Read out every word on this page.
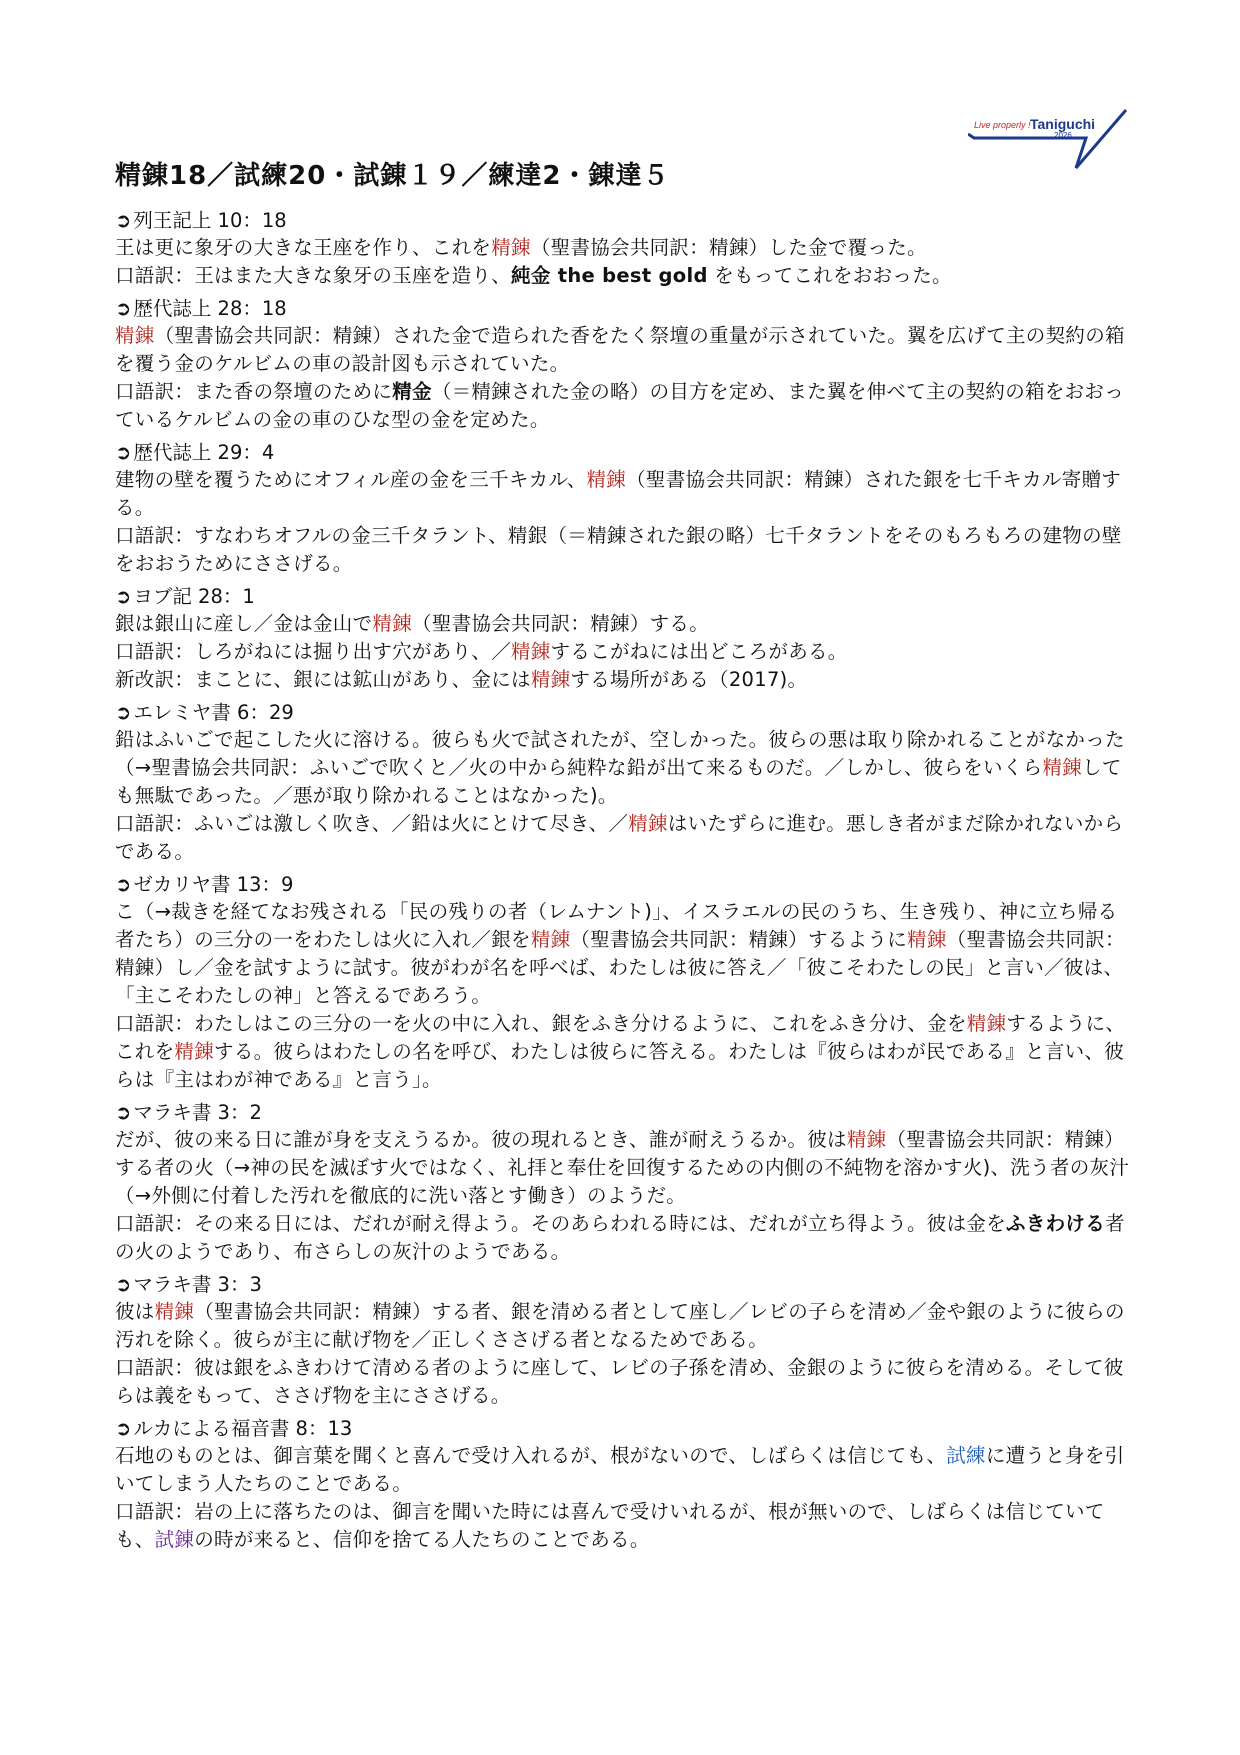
Live properly ! Taniguchi
2026
精錬18／試練20・試錬１９／練達2・錬達５

➲ 列王記上 10：18

王は更に象牙の大きな王座を作り、これを精錬（聖書協会共同訳：精錬）した金で覆った。

口語訳：王はまた大きな象牙の玉座を造り、純金 the best gold をもってこれをおおった。

➲ 歴代誌上 28：18

精錬（聖書協会共同訳：精錬）された金で造られた香をたく祭壇の重量が示されていた。翼を広げて主の契約の箱を覆う金のケルビムの車の設計図も示されていた。

口語訳：また香の祭壇のために精金（＝精錬された金の略）の目方を定め、また翼を伸べて主の契約の箱をおおっているケルビムの金の車のひな型の金を定めた。

➲ 歴代誌上 29：4

建物の壁を覆うためにオフィル産の金を三千キカル、精錬（聖書協会共同訳：精錬）された銀を七千キカル寄贈する。

口語訳：すなわちオフルの金三千タラント、精銀（＝精錬された銀の略）七千タラントをそのもろもろの建物の壁をおおうためにささげる。

➲ ヨブ記 28：1

銀は銀山に産し／金は金山で精錬（聖書協会共同訳：精錬）する。

口語訳：しろがねには掘り出す穴があり、／精錬するこがねには出どころがある。

新改訳：まことに、銀には鉱山があり、金には精錬する場所がある（2017)。

➲ エレミヤ書 6：29

鉛はふいごで起こした火に溶ける。彼らも火で試されたが、空しかった。彼らの悪は取り除かれることがなかった（→聖書協会共同訳：ふいごで吹くと／火の中から純粋な鉛が出て来るものだ。／しかし、彼らをいくら精錬しても無駄であった。／悪が取り除かれることはなかった)。

口語訳：ふいごは激しく吹き、／鉛は火にとけて尽き、／精錬はいたずらに進む。悪しき者がまだ除かれないからである。

➲ ゼカリヤ書 13：9

こ（→裁きを経てなお残される「民の残りの者（レムナント)」、イスラエルの民のうち、生き残り、神に立ち帰る者たち）の三分の一をわたしは火に入れ／銀を精錬（聖書協会共同訳：精錬）するように精錬（聖書協会共同訳：精錬）し／金を試すように試す。彼がわが名を呼べば、わたしは彼に答え／「彼こそわたしの民」と言い／彼は、「主こそわたしの神」と答えるであろう。

口語訳：わたしはこの三分の一を火の中に入れ、銀をふき分けるように、これをふき分け、金を精錬するように、これを精錬する。彼らはわたしの名を呼び、わたしは彼らに答える。わたしは『彼らはわが民である』と言い、彼らは『主はわが神である』と言う」。

➲ マラキ書 3：2

だが、彼の来る日に誰が身を支えうるか。彼の現れるとき、誰が耐えうるか。彼は精錬（聖書協会共同訳：精錬）する者の火（→神の民を滅ぼす火ではなく、礼拝と奉仕を回復するための内側の不純物を溶かす火)、洗う者の灰汁（→外側に付着した汚れを徹底的に洗い落とす働き）のようだ。

口語訳：その来る日には、だれが耐え得よう。そのあらわれる時には、だれが立ち得よう。彼は金をふきわける者の火のようであり、布さらしの灰汁のようである。

➲ マラキ書 3：3

彼は精錬（聖書協会共同訳：精錬）する者、銀を清める者として座し／レビの子らを清め／金や銀のように彼らの汚れを除く。彼らが主に献げ物を／正しくささげる者となるためである。

口語訳：彼は銀をふきわけて清める者のように座して、レビの子孫を清め、金銀のように彼らを清める。そして彼らは義をもって、ささげ物を主にささげる。

➲ ルカによる福音書 8：13

石地のものとは、御言葉を聞くと喜んで受け入れるが、根がないので、しばらくは信じても、試練に遭うと身を引いてしまう人たちのことである。

口語訳：岩の上に落ちたのは、御言を聞いた時には喜んで受けいれるが、根が無いので、しばらくは信じていても、試錬の時が来ると、信仰を捨てる人たちのことである。
